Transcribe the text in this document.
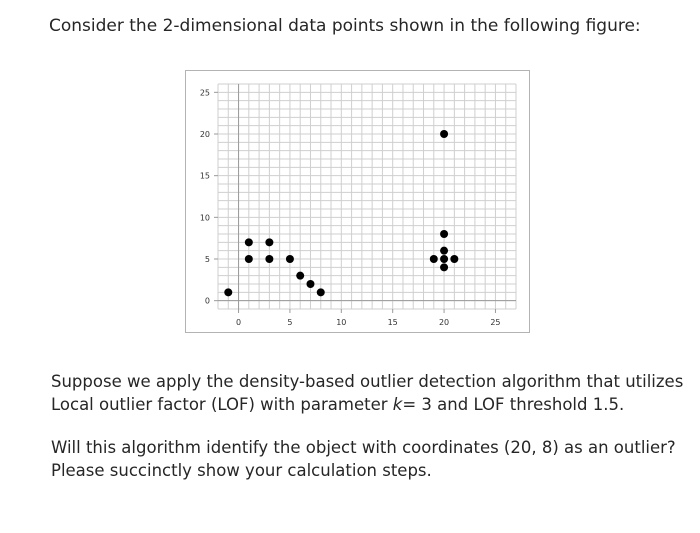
Consider the 2-dimensional data points shown in the following figure:
0	5	10	15	20	25
0
5
10
15
20
25
Suppose we apply the density-based outlier detection algorithm that utilizes
Local outlier factor (LOF) with parameter k= 3 and LOF threshold 1.5.
Will this algorithm identify the object with coordinates (20, 8) as an outlier?
Please succinctly show your calculation steps.
